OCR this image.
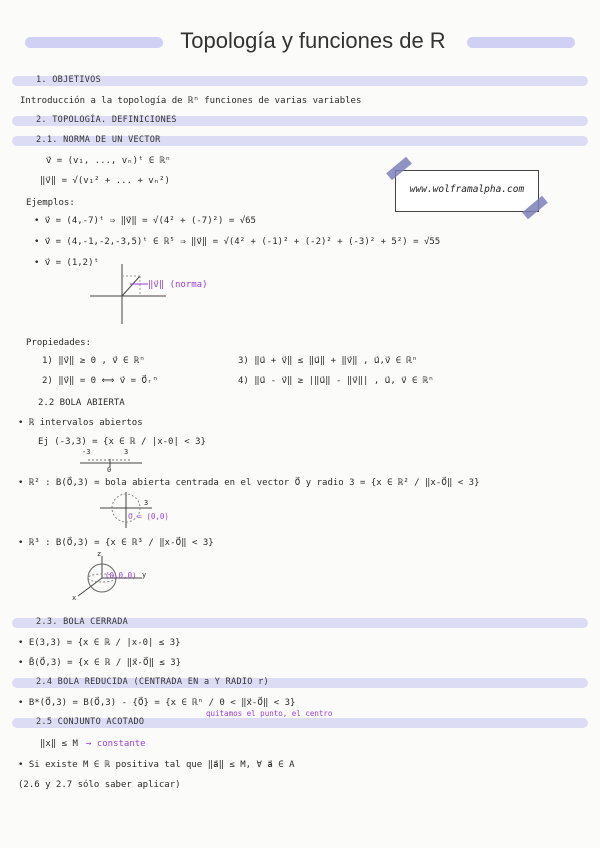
Topología y funciones de R
1. OBJETIVOS
Introducción a la topología de ℝⁿ funciones de varias variables
2. TOPOLOGÍA. DEFINICIONES
2.1. NORMA DE UN VECTOR
v⃗ = (v₁, ..., vₙ)ᵗ ∈ ℝⁿ
‖v⃗‖ = √(v₁² + ... + vₙ²)
Ejemplos:
• v⃗ = (4,-7)ᵗ ⇒ ‖v⃗‖ = √(4² + (-7)²) = √65
• v⃗ = (4,-1,-2,-3,5)ᵗ ∈ ℝ⁵ ⇒ ‖v⃗‖ = √(4² + (-1)² + (-2)² + (-3)² + 5²) = √55
• v⃗ = (1,2)ᵗ
www.wolframalpha.com
‖v⃗‖ (norma)
Propiedades:
1) ‖v⃗‖ ≥ 0 , v⃗ ∈ ℝⁿ
2) ‖v⃗‖ = 0 ⟺ v⃗ = 0⃗ᵣⁿ
3) ‖u⃗ + v⃗‖ ≤ ‖u⃗‖ + ‖v⃗‖ , u⃗,v⃗ ∈ ℝⁿ
4) ‖u⃗ - v⃗‖ ≥ |‖u⃗‖ - ‖v⃗‖| , u⃗, v⃗ ∈ ℝⁿ
2.2 BOLA ABIERTA
• ℝ intervalos abiertos
Ej (-3,3) = {x ∈ ℝ / |x-0| < 3}
-3	3
0
• ℝ² : B(0⃗,3) = bola abierta centrada en el vector 0⃗ y radio 3 = {x ∈ ℝ² / ‖x-0⃗‖ < 3}
3
0⃗ = (0,0)
• ℝ³ : B(0⃗,3) = {x ∈ ℝ³ / ‖x-0⃗‖ < 3}
z
y
x
(0,0,0)
2.3. BOLA CERRADA
• E(3,3) = {x ∈ ℝ / |x-0| ≤ 3}
• B̄(0⃗,3) = {x ∈ ℝ / ‖x⃗-0⃗‖ ≤ 3}
2.4 BOLA REDUCIDA (CENTRADA EN a Y RADIO r)
• B*(0⃗,3) = B(0⃗,3) - {0⃗} = {x ∈ ℝⁿ / 0 < ‖x⃗-0⃗‖ < 3}
quitamos el punto, el centro
2.5 CONJUNTO ACOTADO
‖x‖ ≤ M → constante
• Si existe M ∈ ℝ positiva tal que ‖a⃗‖ ≤ M, ∀ a⃗ ∈ A
(2.6 y 2.7 sólo saber aplicar)
